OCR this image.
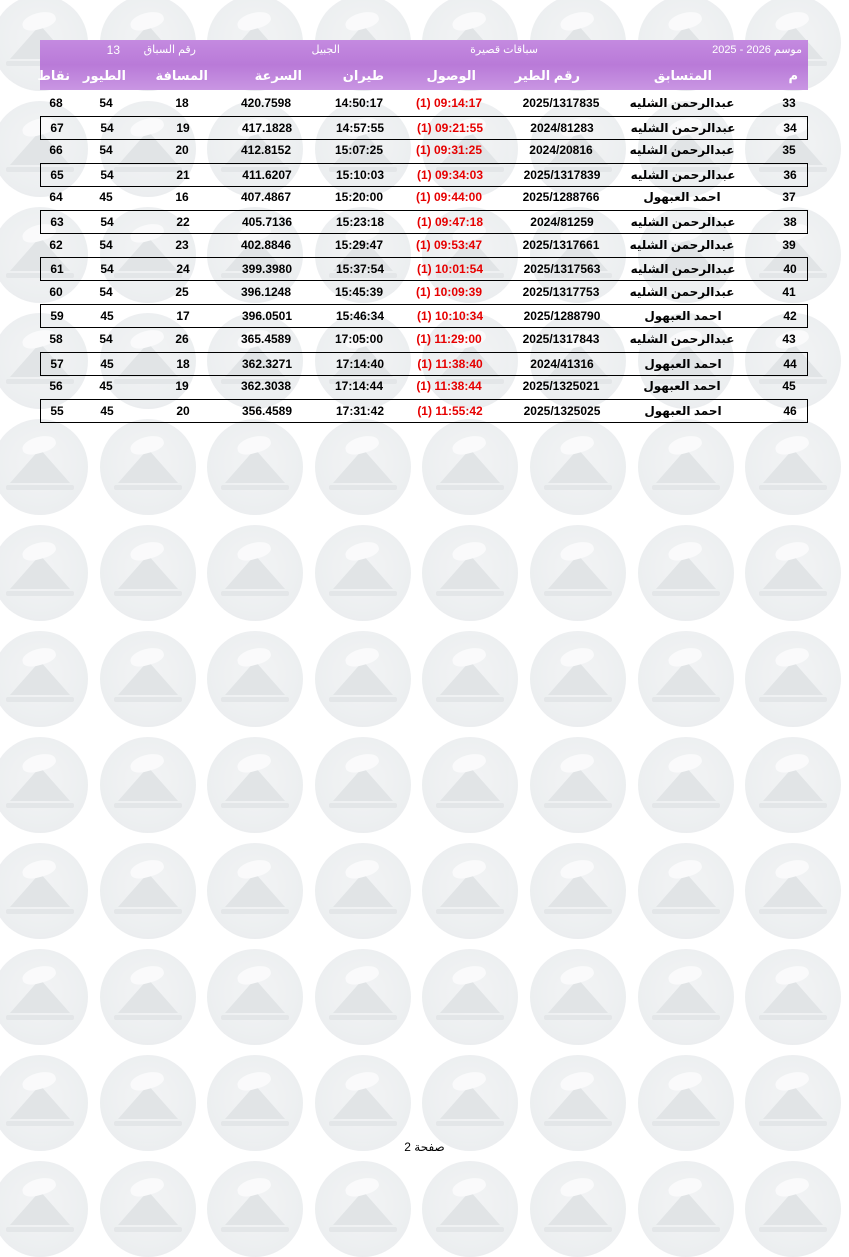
موسم 2026 - 2025
سباقات قصيرة
الجبيل
رقم السباق
13
م
المتسابق
رقم الطير
الوصول
طيران
السرعة
المسافة
الطيور
نقاط
33
عبدالرحمن الشليه
2025/1317835
(1) 09:14:17
14:50:17
420.7598
18
54
68
34
عبدالرحمن الشليه
2024/81283
(1) 09:21:55
14:57:55
417.1828
19
54
67
35
عبدالرحمن الشليه
2024/20816
(1) 09:31:25
15:07:25
412.8152
20
54
66
36
عبدالرحمن الشليه
2025/1317839
(1) 09:34:03
15:10:03
411.6207
21
54
65
37
احمد العبهول
2025/1288766
(1) 09:44:00
15:20:00
407.4867
16
45
64
38
عبدالرحمن الشليه
2024/81259
(1) 09:47:18
15:23:18
405.7136
22
54
63
39
عبدالرحمن الشليه
2025/1317661
(1) 09:53:47
15:29:47
402.8846
23
54
62
40
عبدالرحمن الشليه
2025/1317563
(1) 10:01:54
15:37:54
399.3980
24
54
61
41
عبدالرحمن الشليه
2025/1317753
(1) 10:09:39
15:45:39
396.1248
25
54
60
42
احمد العبهول
2025/1288790
(1) 10:10:34
15:46:34
396.0501
17
45
59
43
عبدالرحمن الشليه
2025/1317843
(1) 11:29:00
17:05:00
365.4589
26
54
58
44
احمد العبهول
2024/41316
(1) 11:38:40
17:14:40
362.3271
18
45
57
45
احمد العبهول
2025/1325021
(1) 11:38:44
17:14:44
362.3038
19
45
56
46
احمد العبهول
2025/1325025
(1) 11:55:42
17:31:42
356.4589
20
45
55
صفحة 2
